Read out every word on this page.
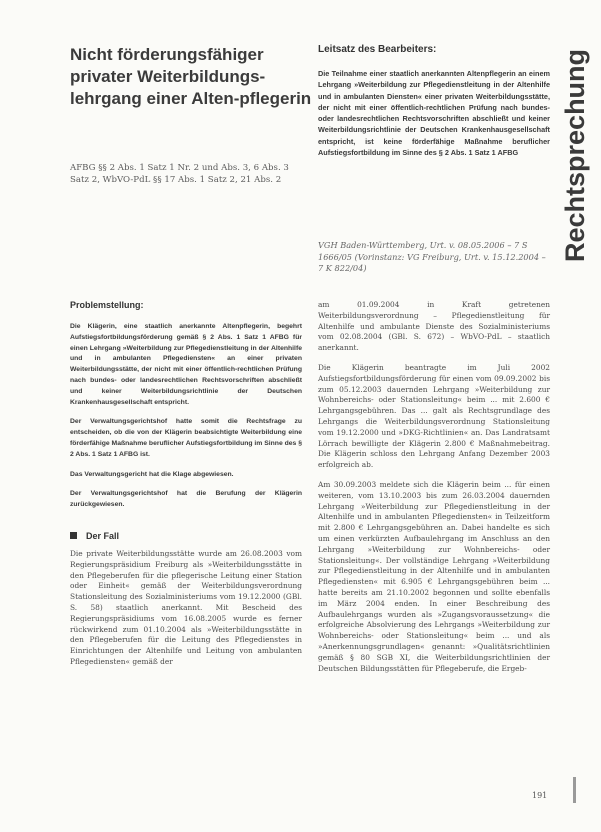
Nicht förderungsfähiger privater Weiterbildungs-lehrgang einer Alten-pflegerin

AFBG §§ 2 Abs. 1 Satz 1 Nr. 2 und Abs. 3, 6 Abs. 3 Satz 2, WbVO-PdL §§ 17 Abs. 1 Satz 2, 21 Abs. 2

Leitsatz des Bearbeiters:

Die Teilnahme einer staatlich anerkannten Altenpflegerin an einem Lehrgang »Weiterbildung zur Pflegedienstleitung in der Altenhilfe und in ambulanten Diensten« einer privaten Weiterbildungsstätte, der nicht mit einer öffentlich-rechtlichen Prüfung nach bundes- oder landesrechtlichen Rechtsvorschriften abschließt und keiner Weiterbildungsrichtlinie der Deutschen Krankenhausgesellschaft entspricht, ist keine förderfähige Maßnahme beruflicher Aufstiegsfortbildung im Sinne des § 2 Abs. 1 Satz 1 AFBG

VGH Baden-Württemberg, Urt. v. 08.05.2006 – 7 S 1666/05 (Vorinstanz: VG Freiburg, Urt. v. 15.12.2004 – 7 K 822/04)

Rechtsprechung
Problemstellung:

Die Klägerin, eine staatlich anerkannte Altenpflegerin, begehrt Aufstiegsfortbildungsförderung gemäß § 2 Abs. 1 Satz 1 AFBG für einen Lehrgang »Weiterbildung zur Pflegedienstleitung in der Altenhilfe und in ambulanten Pflegediensten« an einer privaten Weiterbildungsstätte, der nicht mit einer öffentlich-rechtlichen Prüfung nach bundes- oder landesrechtlichen Rechtsvorschriften abschließt und keiner Weiterbildungsrichtlinie der Deutschen Krankenhausgesellschaft entspricht.

Der Verwaltungsgerichtshof hatte somit die Rechtsfrage zu entscheiden, ob die von der Klägerin beabsichtigte Weiterbildung eine förderfähige Maßnahme beruflicher Aufstiegsfortbildung im Sinne des § 2 Abs. 1 Satz 1 AFBG ist.

Das Verwaltungsgericht hat die Klage abgewiesen.

Der Verwaltungsgerichtshof hat die Berufung der Klägerin zurückgewiesen.

Der Fall

Die private Weiterbildungsstätte wurde am 26.08.2003 vom Regierungspräsidium Freiburg als »Weiterbildungsstätte in den Pflegeberufen für die pflegerische Leitung einer Station oder Einheit« gemäß der Weiterbildungsverordnung Stationsleitung des Sozialministeriums vom 19.12.2000 (GBl. S. 58) staatlich anerkannt. Mit Bescheid des Regierungspräsidiums vom 16.08.2005 wurde es ferner rückwirkend zum 01.10.2004 als »Weiterbildungsstätte in den Pflegeberufen für die Leitung des Pflegedienstes in Einrichtungen der Altenhilfe und Leitung von ambulanten Pflegediensten« gemäß der

am 01.09.2004 in Kraft getretenen Weiterbildungsverordnung – Pflegedienstleitung für Altenhilfe und ambulante Dienste des Sozialministeriums vom 02.08.2004 (GBl. S. 672) – WbVO-PdL – staatlich anerkannt.

Die Klägerin beantragte im Juli 2002 Aufstiegsfortbildungsförderung für einen vom 09.09.2002 bis zum 05.12.2003 dauernden Lehrgang »Weiterbildung zur Wohnbereichs- oder Stationsleitung« beim ... mit 2.600 € Lehrgangsgebühren. Das ... galt als Rechtsgrundlage des Lehrgangs die Weiterbildungsverordnung Stationsleitung vom 19.12.2000 und »DKG-Richtlinien« an. Das Landratsamt Lörrach bewilligte der Klägerin 2.800 € Maßnahmebeitrag. Die Klägerin schloss den Lehrgang Anfang Dezember 2003 erfolgreich ab.

Am 30.09.2003 meldete sich die Klägerin beim ... für einen weiteren, vom 13.10.2003 bis zum 26.03.2004 dauernden Lehrgang »Weiterbildung zur Pflegedienstleitung in der Altenhilfe und in ambulanten Pflegediensten« in Teilzeitform mit 2.800 € Lehrgangsgebühren an. Dabei handelte es sich um einen verkürzten Aufbaulehrgang im Anschluss an den Lehrgang »Weiterbildung zur Wohnbereichs- oder Stationsleitung«. Der vollständige Lehrgang »Weiterbildung zur Pflegedienstleitung in der Altenhilfe und in ambulanten Pflegediensten« mit 6.905 € Lehrgangsgebühren beim ... hatte bereits am 21.10.2002 begonnen und sollte ebenfalls im März 2004 enden. In einer Beschreibung des Aufbaulehrgangs wurden als »Zugangsvoraussetzung« die erfolgreiche Absolvierung des Lehrgangs »Weiterbildung zur Wohnbereichs- oder Stationsleitung« beim ... und als »Anerkennungsgrundlagen« genannt: »Qualitätsrichtlinien gemäß § 80 SGB XI, die Weiterbildungsrichtlinien der Deutschen Bildungsstätten für Pflegeberufe, die Ergeb-

191
